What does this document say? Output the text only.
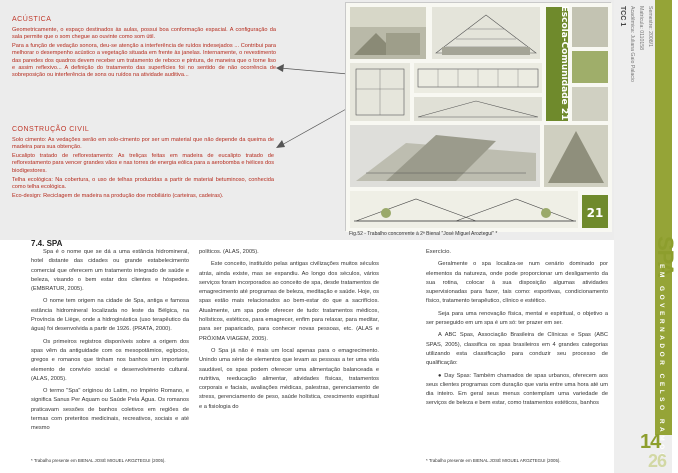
ACÚSTICA

Geometricamente, o espaço destinados às aulas, possui boa conformação espacial. A configuração da sala permite que o som chegue ao ouvinte como som útil.

Para a função de vedação sonora, deu-se atenção a interferência de ruídos indesejados ... Contribui para melhorar o desempenho acústico a vegetação situada em frente às janelas. Internamente, o revestimento das paredes dos quadros devem receber um tratamento de reboco e pintura, de maneira que o torne liso e assim reflexivo... A definição do tratamento das superfícies foi no sentido de não ocorrência de sobreposição ou interferência de sons ou ruídos na atividade auditiva...

CONSTRUÇÃO CIVIL

Solo cimento: As vedações serão em solo-cimento por ser um material que não depende da queima de madeira para sua obtenção.

Eucalipto tratado de reflorestamento: As treliças feitas em madeira de eucalipto tratado de reflorestamento para vencer grandes vãos e nas torres de energia eólica para a aerobomba e hélices dos biodigestores.

Telha ecológica: Na cobertura, o uso de telhas produzidas a partir de material betuminoso, conhecida como telha ecológica.

Eco-design: Reciclagem de madeira na produção doe mobiliário (carteiras, cadeiras).

Escola-Comunidade 21
21
Fig.52 - Trabalho concorrente à 2ª Bienal "José Miguel Aroztegui" *
7.4. SPA

Spa é o nome que se dá a uma estância hidromineral, hotel distante das cidades ou grande estabelecimento comercial que oferecem um tratamento integrado de saúde e beleza, visando o bem estar dos clientes e hóspedes. (EMBRATUR, 2005).

O nome tem origem na cidade de Spa, antiga e famosa estância hidromineral localizada no leste da Bélgica, na Província de Liège, onde a hidroginástica (uso terapêutico da água) foi desenvolvida a partir de 1926. (PRATA, 2000).

Os primeiros registros disponíveis sobre a origem dos spas vêm da antiguidade com os mesopotâmios, egípcios, gregos e romanos que tinham nos banhos um importante elemento de convívio social e desenvolvimento cultural. (ALAS, 2005).

O termo "Spa" originou do Latim, no Império Romano, e significa Sanus Per Aquam ou Saúde Pela Água. Os romanos praticavam sessões de banhos coletivos em regiões de termas com preteritos medicinais, recreativos, sociais e até mesmo

políticos. (ALAS, 2005).

Este conceito, instituído pelas antigas civilizações muitos séculos atrás, ainda existe, mas se expandiu. Ao longo dos séculos, vários serviços foram incorporados ao conceito de spa, desde tratamentos de emagrecimento até programas de beleza, meditação e saúde. Hoje, os spas estão mais relacionados ao bem-estar do que a sacrifícios. Atualmente, um spa pode oferecer de tudo: tratamentos médicos, holísticos, estéticos, para emagrecer, enfim para relaxar, para meditar, para ser paparicado, para conhecer novas pessoas, etc. (ALAS e PRÓXIMA VIAGEM, 2005).

O Spa já não é mais um local apenas para o emagrecimento. Unindo uma série de elementos que levam as pessoas a ter uma vida saudável, os spas podem oferecer uma alimentação balanceada e nutritiva, reeducação alimentar, atividades físicas, tratamentos corporais e faciais, avaliações médicas, palestras, gerenciamento de stress, gerenciamento de peso, saúde holística, crescimento espiritual e a fisiologia do

Exercício.

Geralmente o spa localiza-se num cenário dominado por elementos da natureza, onde pode proporcionar um desligamento da sua rotina, colocar à sua disposição algumas atividades supervisionadas para fazer, tais como: esportivas, condicionamento físico, tratamento terapêutico, clínico e estético.

Seja para uma renovação física, mental e espiritual, o objetivo a ser perseguido em um spa é um só: ter prazer em ser.

A ABC Spas, Associação Brasileira de Clínicas e Spas (ABC SPAS, 2005), classifica os spas brasileiros em 4 grandes categorias utilizando esta classificação para conduzir seu processo de qualificação:

● Day Spas: Também chamados de spas urbanos, oferecem aos seus clientes programas com duração que varia entre uma hora até um dia inteiro. Em geral seus menus contemplam uma variedade de serviços de beleza e bem estar, como tratamentos estéticos, banhos

* Trabalho presente em BIENAL JOSÉ MIGUEL AROZTEGUI (2005).	* Trabalho presente em BIENAL JOSÉ MIGUEL AROZTEGUI (2005).
TCC 1 Acadêmica: Juliana Gaio Palacio Matrícula: 0110158 Semestre: 2008/1
SPA
EM GOVERNADOR CELSO RAMOS
14
26
